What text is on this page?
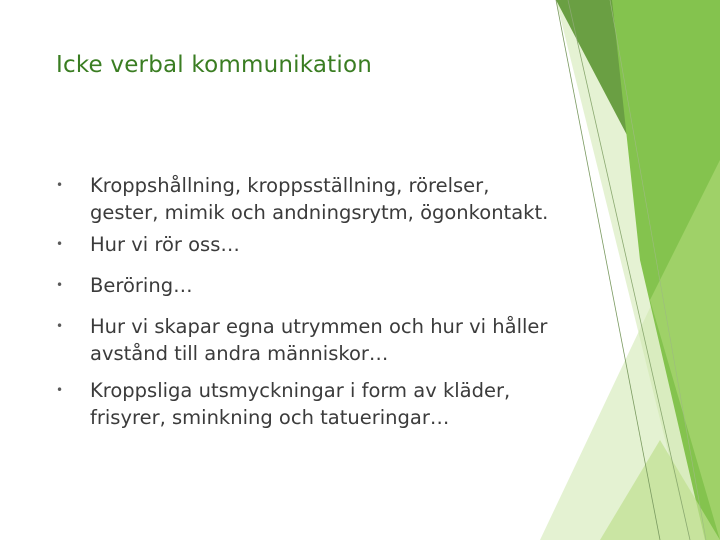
Icke verbal kommunikation
• Kroppshållning, kroppsställning, rörelser, gester, mimik och andningsrytm, ögonkontakt.
• Hur vi rör oss…
• Beröring…
• Hur vi skapar egna utrymmen och hur vi håller avstånd till andra människor…
• Kroppsliga utsmyckningar i form av kläder, frisyrer, sminkning och tatueringar…
